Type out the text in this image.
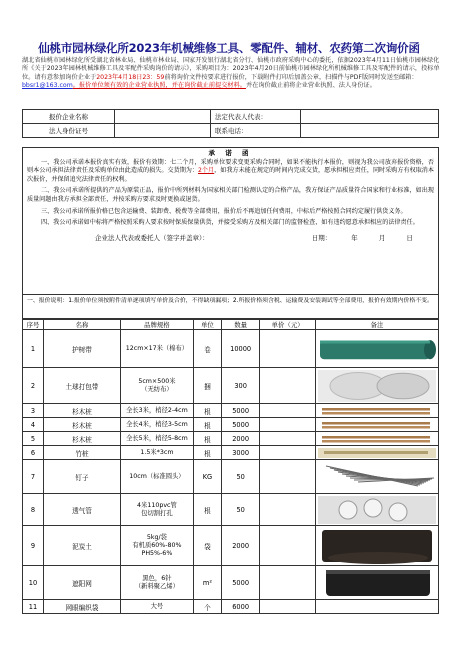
仙桃市园林绿化所2023年机械维修工具、零配件、辅材、农药第二次询价函
湖北省仙桃市园林绿化所受湖北省林业局、仙桃市林业局、国家开发银行湖北省分行、仙桃市政府采购中心的委托，依据2023年4月11日仙桃市园林绿化所《关于2023年园林机械维修工具及零配件采购询价的请示》，采购项目为：2023年4月20日前仙桃市园林绿化所机械维修工具及零配件的请示，投标单位。请有意参加询价企业于2023年4月18日23：59前将询价文件按要求进行报价，下载附件打印后加盖公章，扫描件与PDF版同时发送至邮箱：bbsr1@163.com。报价单位须有效的企业营业执照，并在询价截止前提交材料。并在询价截止前将企业营业执照、法人身份证。
报价企业名称		法定代表人代表：	
法人身份证号		联系电话：	
承 诺 函

一、我公司承诺本报价真实有效，报价有效期：七二个月，采购单位要求变更采购合同时，如果不能执行本报价，则视为我公司放弃报价资格，否则本公司承担法律责任及采购单位由此造成的损失。交货期为：2个月，如我方未能在规定的时间内完成交货，愿承担相应责任，同时采购方有权取消本次报价，并保留追究法律责任的权利。

二、我公司承诺所提供的产品为原装正品，报价中所列材料为国家相关部门检测认定的合格产品，我方保证产品质量符合国家和行业标准，如出现质量问题由我方承担全部责任，并按采购方要求及时更换或退货。

三、我公司承诺所报价格已包含运输费、装卸费、税费等全部费用，报价后不再追加任何费用，中标后严格按照合同约定履行供货义务。

四、我公司承诺如中标将严格按照采购人要求按时保质保量供货，并接受采购方及相关部门的监督检查，如有违约愿意承担相应的法律责任。

企业法人代表或委托人（签字并盖章）：	日期：	年	月	日
一、报价说明：1.报价单位须按附件清单逐项填写单价及合价，不得缺项漏项；2.所报价格须含税、运输费及安装调试等全部费用，报价有效期内价格不变。
序号	名称	品牌规格	单位	数量	单价（元）	备注
1	护树带	12cm×17米（棉布）	卷	10000		

2	土球打包带	5cm×500米
（无纺布）	捆	300		

3	杉木桩	全长3米，梢径2-4cm	根	5000		

4	杉木桩	全长4米，梢径3-5cm	根	5000		

5	杉木桩	全长5米，梢径5-8cm	根	2000		

6	竹桩	1.5米*3cm	根	3000		

7	钉子	10cm（标准圆头）	KG	50		

8	透气管	4米110pvc管
包切割打孔	根	50		

9	泥炭土	5kg/袋
有机质60%-80%
PH5%-6%	袋	2000		

10	遮阳网	黑色，6针
（新料聚乙烯）	m²	5000		

11	网眼编织袋	大号	个	6000		
